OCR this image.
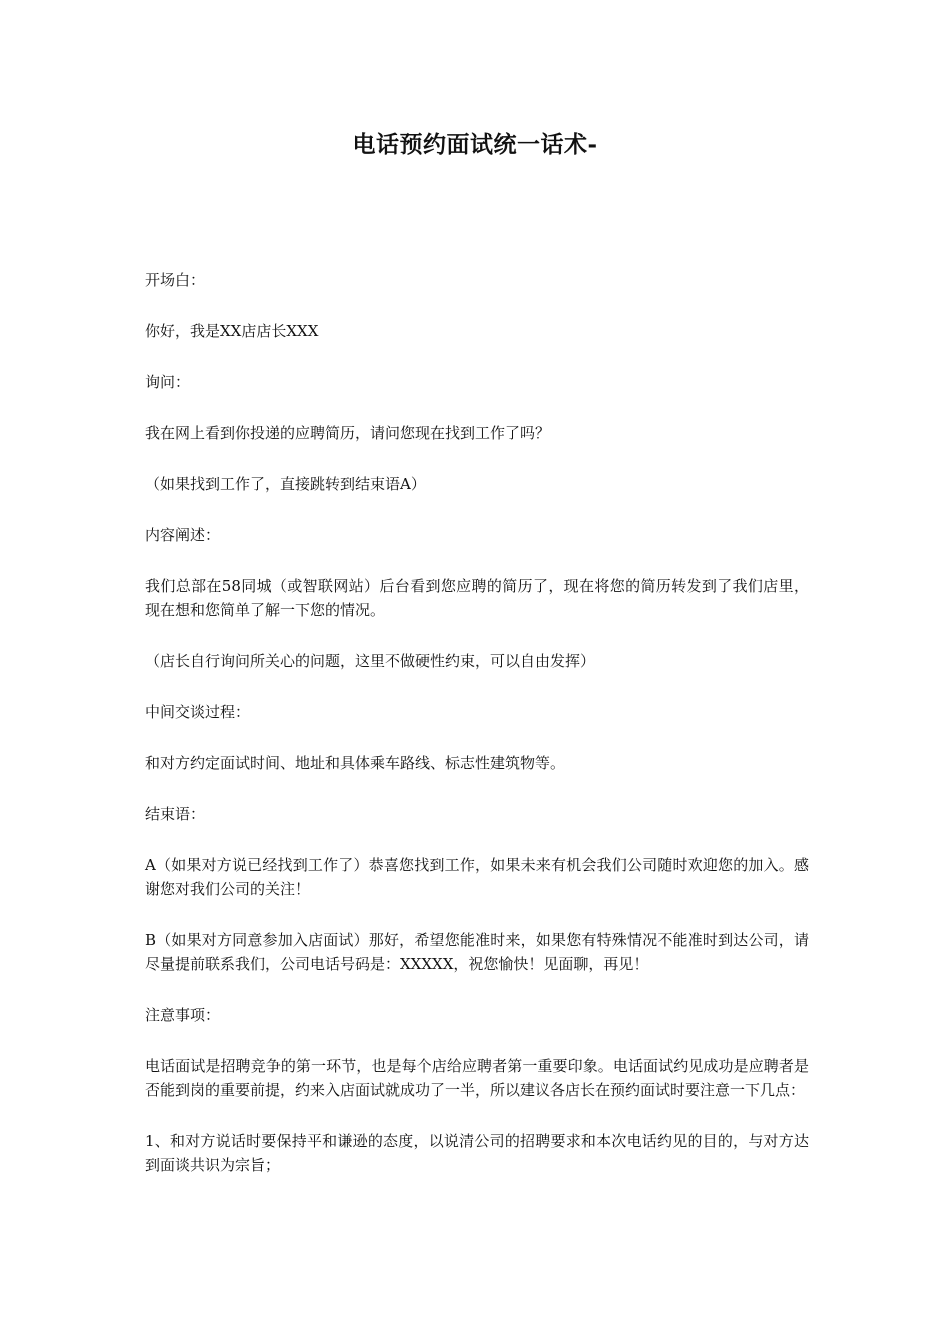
电话预约面试统一话术-

开场白：

你好，我是XX店店长XXX

询问：

我在网上看到你投递的应聘简历，请问您现在找到工作了吗？

（如果找到工作了，直接跳转到结束语A）

内容阐述：

我们总部在58同城（或智联网站）后台看到您应聘的简历了，现在将您的简历转发到了我们店里，现在想和您简单了解一下您的情况。

（店长自行询问所关心的问题，这里不做硬性约束，可以自由发挥）

中间交谈过程：

和对方约定面试时间、地址和具体乘车路线、标志性建筑物等。

结束语：

A（如果对方说已经找到工作了）恭喜您找到工作，如果未来有机会我们公司随时欢迎您的加入。感谢您对我们公司的关注！

B（如果对方同意参加入店面试）那好，希望您能准时来，如果您有特殊情况不能准时到达公司，请尽量提前联系我们，公司电话号码是：XXXXX，祝您愉快！见面聊，再见！

注意事项：

电话面试是招聘竞争的第一环节，也是每个店给应聘者第一重要印象。电话面试约见成功是应聘者是否能到岗的重要前提，约来入店面试就成功了一半，所以建议各店长在预约面试时要注意一下几点：

1、和对方说话时要保持平和谦逊的态度，以说清公司的招聘要求和本次电话约见的目的，与对方达到面谈共识为宗旨；
